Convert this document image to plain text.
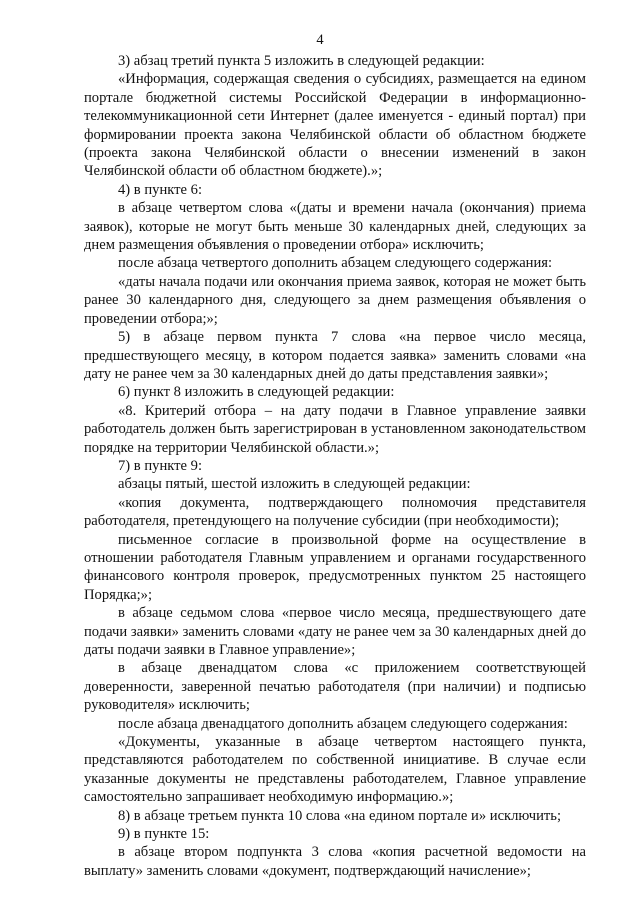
4

3) абзац третий пункта 5 изложить в следующей редакции:

«Информация, содержащая сведения о субсидиях, размещается на едином портале бюджетной системы Российской Федерации в информационно-телекоммуникационной сети Интернет (далее именуется - единый портал) при формировании проекта закона Челябинской области об областном бюджете (проекта закона Челябинской области о внесении изменений в закон Челябинской области об областном бюджете).»;

4) в пункте 6:

в абзаце четвертом слова «(даты и времени начала (окончания) приема заявок), которые не могут быть меньше 30 календарных дней, следующих за днем размещения объявления о проведении отбора» исключить;

после абзаца четвертого дополнить абзацем следующего содержания:

«даты начала подачи или окончания приема заявок, которая не может быть ранее 30 календарного дня, следующего за днем размещения объявления о проведении отбора;»;

5) в абзаце первом пункта 7 слова «на первое число месяца, предшествующего месяцу, в котором подается заявка» заменить словами «на дату не ранее чем за 30 календарных дней до даты представления заявки»;

6) пункт 8 изложить в следующей редакции:

«8. Критерий отбора – на дату подачи в Главное управление заявки работодатель должен быть зарегистрирован в установленном законодательством порядке на территории Челябинской области.»;

7) в пункте 9:

абзацы пятый, шестой изложить в следующей редакции:

«копия документа, подтверждающего полномочия представителя работодателя, претендующего на получение субсидии (при необходимости);

письменное согласие в произвольной форме на осуществление в отношении работодателя Главным управлением и органами государственного финансового контроля проверок, предусмотренных пунктом 25 настоящего Порядка;»;

в абзаце седьмом слова «первое число месяца, предшествующего дате подачи заявки» заменить словами «дату не ранее чем за 30 календарных дней до даты подачи заявки в Главное управление»;

в абзаце двенадцатом слова «с приложением соответствующей доверенности, заверенной печатью работодателя (при наличии) и подписью руководителя» исключить;

после абзаца двенадцатого дополнить абзацем следующего содержания:

«Документы, указанные в абзаце четвертом настоящего пункта, представляются работодателем по собственной инициативе. В случае если указанные документы не представлены работодателем, Главное управление самостоятельно запрашивает необходимую информацию.»;

8) в абзаце третьем пункта 10 слова «на едином портале и» исключить;

9) в пункте 15:

в абзаце втором подпункта 3 слова «копия расчетной ведомости на выплату» заменить словами «документ, подтверждающий начисление»;
